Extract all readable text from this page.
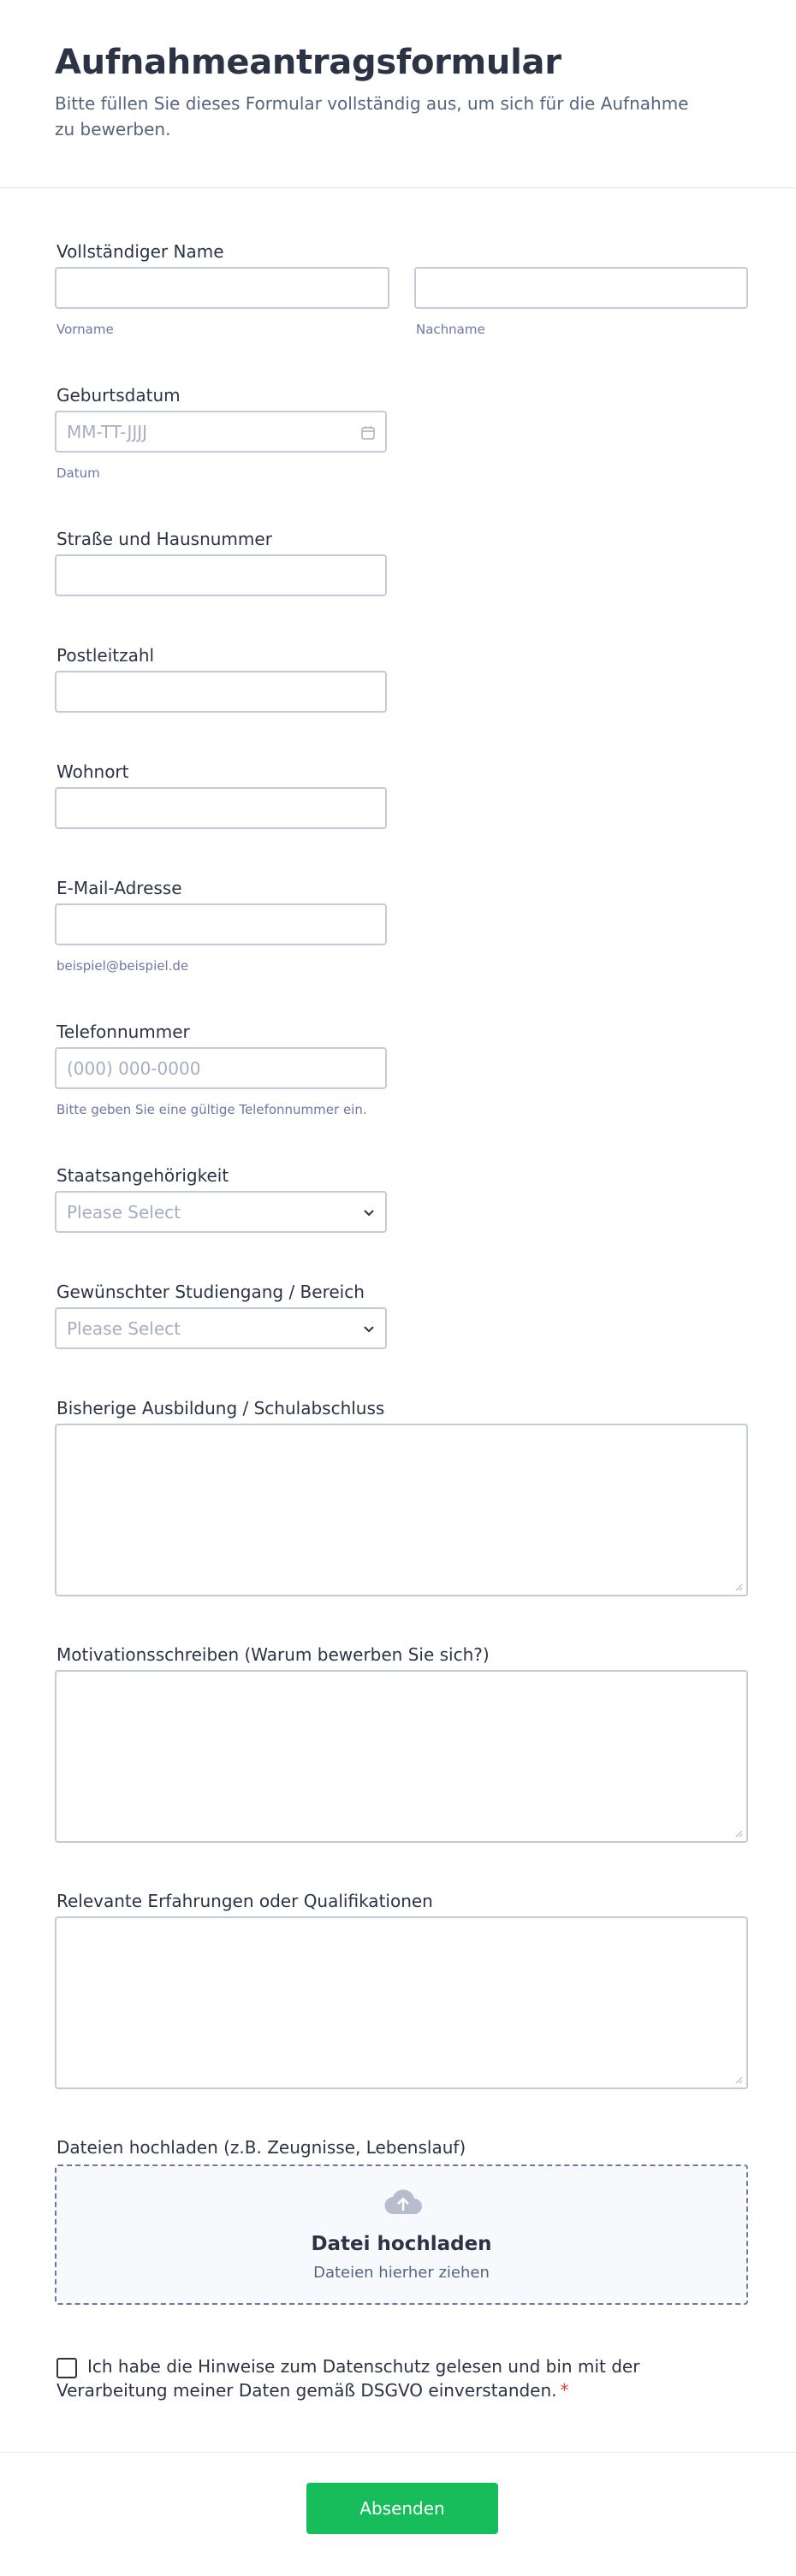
Aufnahmeantragsformular

Bitte füllen Sie dieses Formular vollständig aus, um sich für die Aufnahme zu bewerben.

Vollständiger Name
Vorname	Nachname
Geburtsdatum
MM-TT-JJJJ
Datum
Straße und Hausnummer
Postleitzahl
Wohnort
E-Mail-Adresse
beispiel@beispiel.de
Telefonnummer
(000) 000-0000
Bitte geben Sie eine gültige Telefonnummer ein.
Staatsangehörigkeit
Please Select
Gewünschter Studiengang / Bereich
Please Select
Bisherige Ausbildung / Schulabschluss
Motivationsschreiben (Warum bewerben Sie sich?)
Relevante Erfahrungen oder Qualifikationen
Dateien hochladen (z.B. Zeugnisse, Lebenslauf)
Datei hochladen
Dateien hierher ziehen
Ich habe die Hinweise zum Datenschutz gelesen und bin mit der Verarbeitung meiner Daten gemäß DSGVO einverstanden. *
Absenden
